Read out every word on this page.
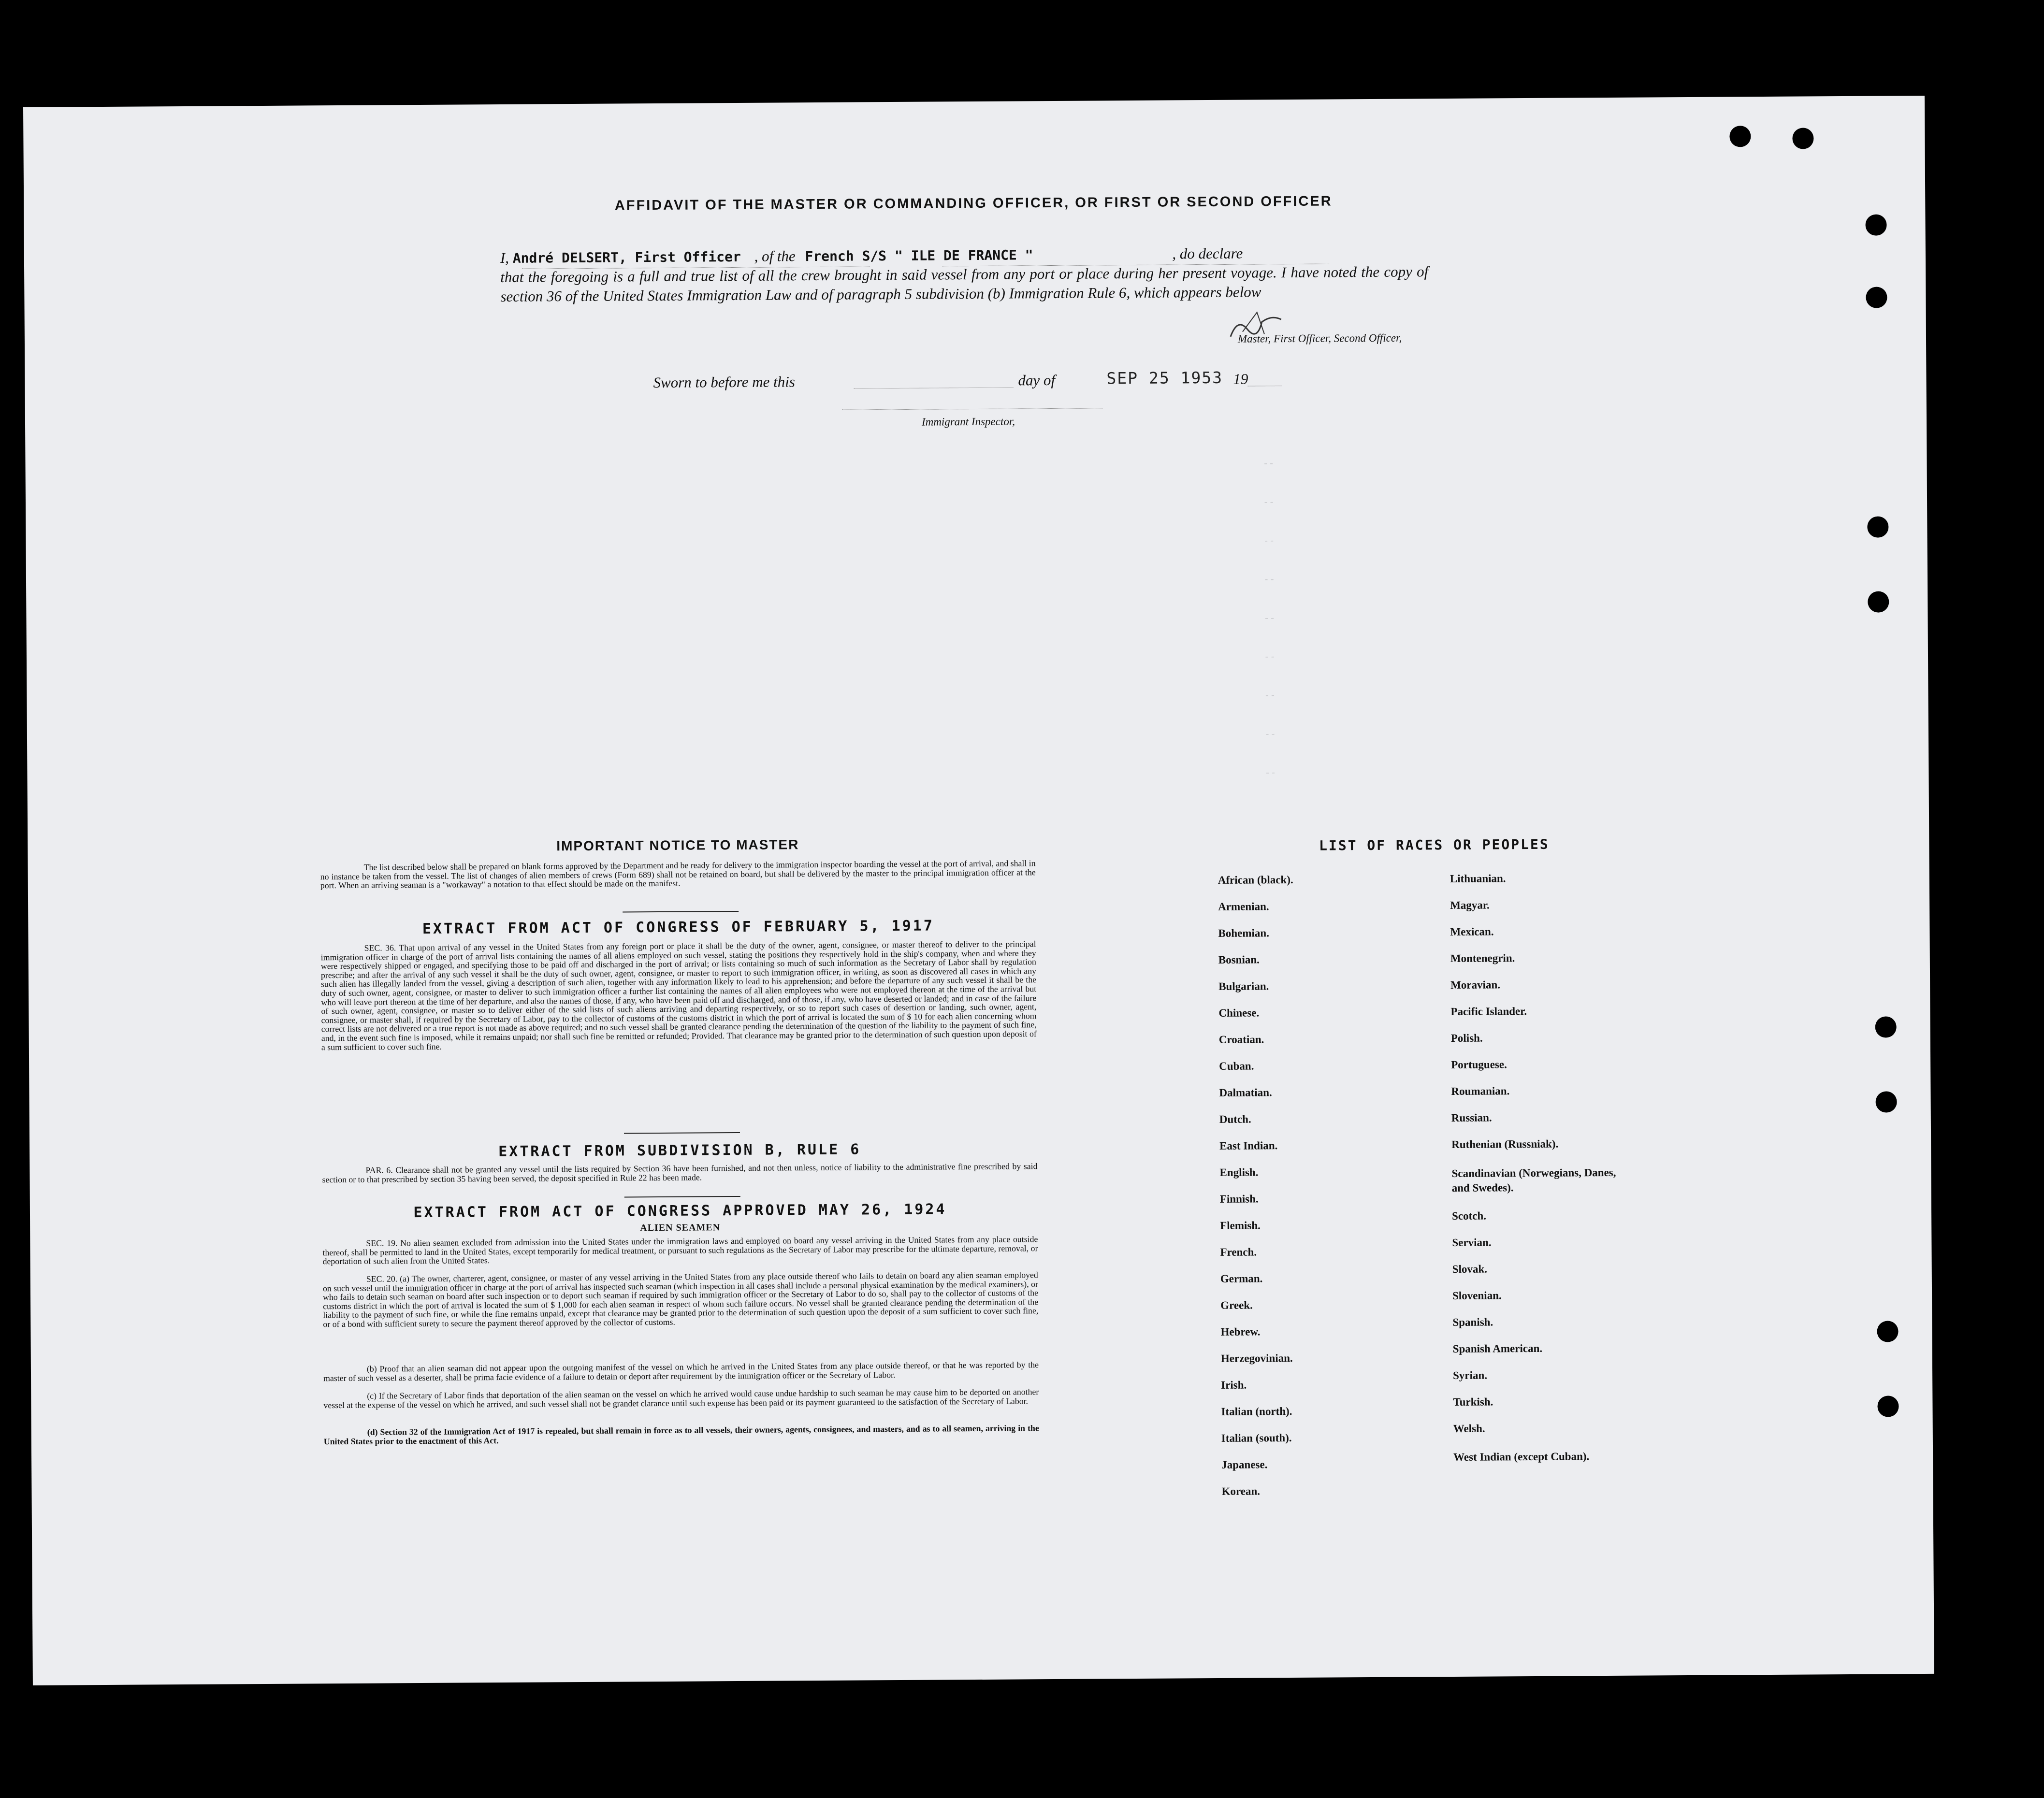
--
--
--
--
--
--
--
--
--
AFFIDAVIT OF THE MASTER OR COMMANDING OFFICER, OR FIRST OR SECOND OFFICER
I, André DELSERT, First Officer , of the French S/S " ILE DE FRANCE "	, do declare
that the foregoing is a full and true list of all the crew brought in said vessel from any port or place during her present voyage. I have noted the copy of section 36 of the United States Immigration Law and of paragraph 5 subdivision (b) Immigration Rule 6, which appears below
Master, First Officer, Second Officer,
Sworn to before me this	day of	SEP 25 1953 19
Immigrant Inspector,
IMPORTANT NOTICE TO MASTER
The list described below shall be prepared on blank forms approved by the Department and be ready for delivery to the immigration inspector boarding the vessel at the port of arrival, and shall in no instance be taken from the vessel. The list of changes of alien members of crews (Form 689) shall not be retained on board, but shall be delivered by the master to the principal immigration officer at the port. When an arriving seaman is a "workaway" a notation to that effect should be made on the manifest.
EXTRACT FROM ACT OF CONGRESS OF FEBRUARY 5, 1917
SEC. 36. That upon arrival of any vessel in the United States from any foreign port or place it shall be the duty of the owner, agent, consignee, or master thereof to deliver to the principal immigration officer in charge of the port of arrival lists containing the names of all aliens employed on such vessel, stating the positions they respectively hold in the ship's company, when and where they were respectively shipped or engaged, and specifying those to be paid off and discharged in the port of arrival; or lists containing so much of such information as the Secretary of Labor shall by regulation prescribe; and after the arrival of any such vessel it shall be the duty of such owner, agent, consignee, or master to report to such immigration officer, in writing, as soon as discovered all cases in which any such alien has illegally landed from the vessel, giving a description of such alien, together with any information likely to lead to his apprehension; and before the departure of any such vessel it shall be the duty of such owner, agent, consignee, or master to deliver to such immigration officer a further list containing the names of all alien employees who were not employed thereon at the time of the arrival but who will leave port thereon at the time of her departure, and also the names of those, if any, who have been paid off and discharged, and of those, if any, who have deserted or landed; and in case of the failure of such owner, agent, consignee, or master so to deliver either of the said lists of such aliens arriving and departing respectively, or so to report such cases of desertion or landing, such owner, agent, consignee, or master shall, if required by the Secretary of Labor, pay to the collector of customs of the customs district in which the port of arrival is located the sum of $ 10 for each alien concerning whom correct lists are not delivered or a true report is not made as above required; and no such vessel shall be granted clearance pending the determination of the question of the liability to the payment of such fine, and, in the event such fine is imposed, while it remains unpaid; nor shall such fine be remitted or refunded; Provided. That clearance may be granted prior to the determination of such question upon deposit of a sum sufficient to cover such fine.
EXTRACT FROM SUBDIVISION B, RULE 6
PAR. 6. Clearance shall not be granted any vessel until the lists required by Section 36 have been furnished, and not then unless, notice of liability to the administrative fine prescribed by said section or to that prescribed by section 35 having been served, the deposit specified in Rule 22 has been made.
EXTRACT FROM ACT OF CONGRESS APPROVED MAY 26, 1924
ALIEN SEAMEN
SEC. 19. No alien seamen excluded from admission into the United States under the immigration laws and employed on board any vessel arriving in the United States from any place outside thereof, shall be permitted to land in the United States, except temporarily for medical treatment, or pursuant to such regulations as the Secretary of Labor may prescribe for the ultimate departure, removal, or deportation of such alien from the United States.
SEC. 20. (a) The owner, charterer, agent, consignee, or master of any vessel arriving in the United States from any place outside thereof who fails to detain on board any alien seaman employed on such vessel until the immigration officer in charge at the port of arrival has inspected such seaman (which inspection in all cases shall include a personal physical examination by the medical examiners), or who fails to detain such seaman on board after such inspection or to deport such seaman if required by such immigration officer or the Secretary of Labor to do so, shall pay to the collector of customs of the customs district in which the port of arrival is located the sum of $ 1,000 for each alien seaman in respect of whom such failure occurs. No vessel shall be granted clearance pending the determination of the liability to the payment of such fine, or while the fine remains unpaid, except that clearance may be granted prior to the determination of such question upon the deposit of a sum sufficient to cover such fine, or of a bond with sufficient surety to secure the payment thereof approved by the collector of customs.
(b) Proof that an alien seaman did not appear upon the outgoing manifest of the vessel on which he arrived in the United States from any place outside thereof, or that he was reported by the master of such vessel as a deserter, shall be prima facie evidence of a failure to detain or deport after requirement by the immigration officer or the Secretary of Labor.
(c) If the Secretary of Labor finds that deportation of the alien seaman on the vessel on which he arrived would cause undue hardship to such seaman he may cause him to be deported on another vessel at the expense of the vessel on which he arrived, and such vessel shall not be grandet clarance until such expense has been paid or its payment guaranteed to the satisfaction of the Secretary of Labor.
(d) Section 32 of the Immigration Act of 1917 is repealed, but shall remain in force as to all vessels, their owners, agents, consignees, and masters, and as to all seamen, arriving in the United States prior to the enactment of this Act.
LIST OF RACES OR PEOPLES
African (black).
Armenian.
Bohemian.
Bosnian.
Bulgarian.
Chinese.
Croatian.
Cuban.
Dalmatian.
Dutch.
East Indian.
English.
Finnish.
Flemish.
French.
German.
Greek.
Hebrew.
Herzegovinian.
Irish.
Italian (north).
Italian (south).
Japanese.
Korean.
Lithuanian.
Magyar.
Mexican.
Montenegrin.
Moravian.
Pacific Islander.
Polish.
Portuguese.
Roumanian.
Russian.
Ruthenian (Russniak).
Scandinavian (Norwegians, Danes, and Swedes).
Scotch.
Servian.
Slovak.
Slovenian.
Spanish.
Spanish American.
Syrian.
Turkish.
Welsh.
West Indian (except Cuban).
